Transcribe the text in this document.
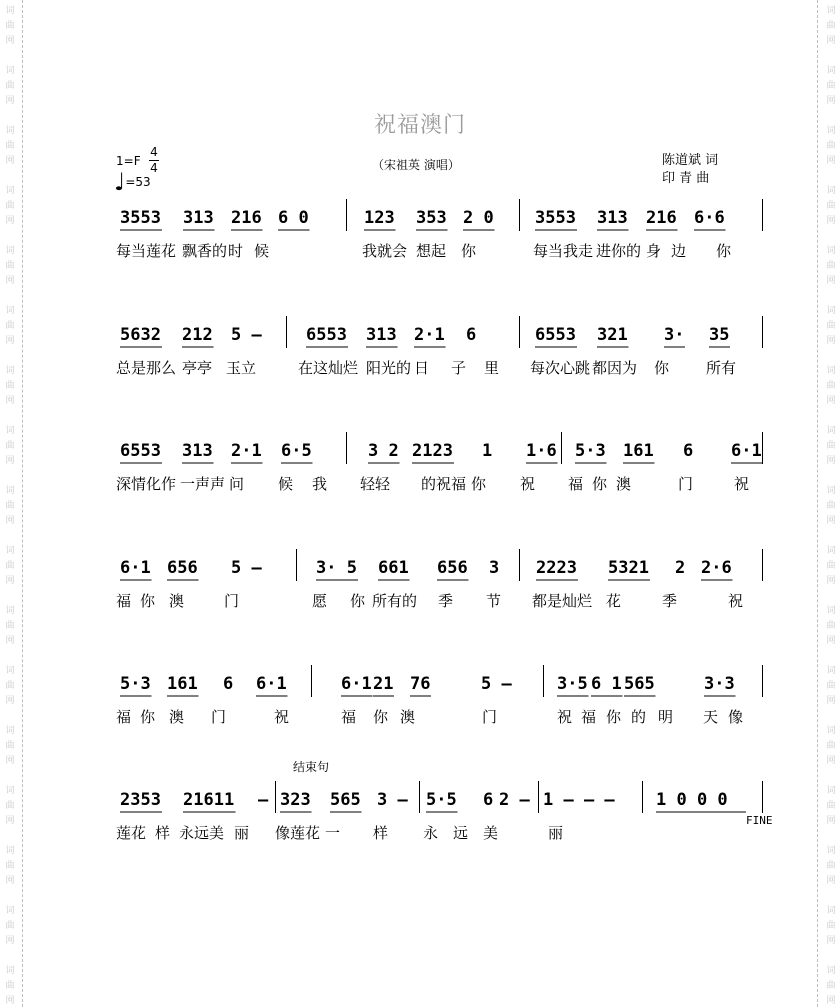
词
曲
网
词
曲
网
词
曲
网
词
曲
网
词
曲
网
词
曲
网
词
曲
网
词
曲
网
词
曲
网
词
曲
网
词
曲
网
词
曲
网
词
曲
网
词
曲
网
词
曲
网
词
曲
网
词
曲
网
词
曲
网
词
曲
网
词
曲
网
词
曲
网
词
曲
网
词
曲
网
词
曲
网
词
曲
网
词
曲
网
词
曲
网
词
曲
网
词
曲
网
词
曲
网
词
曲
网
词
曲
网
词
曲
网
词
曲
网
祝福澳门
1=F
4
4
♩=53
（宋祖英 演唱）	陈道斌 词
印 青 曲
结束句
FINE
3553 313 216 6 0	123 353 2 0 3553 313 216 6·6
每当莲花 飘香的 时 候	我就会 想起 你	每当我走 进你的 身 边 你
5632 212 5 –	6553 313 2·1 6	6553 321 3· 35
总是那么 亭亭 玉立	在这灿烂 阳光的 日 子 里 每次心跳 都因为 你 所有
6553 313 2·1 6·5	3 2 2123 1 1·6 5·3 161 6 6·1
深情化作 一声声 问 候 我 轻轻 的祝福 你 祝 福 你 澳	门	祝
6·1 656 5 –	3· 5 661 656 3 2223 5321 2 2·6
福 你 澳	门	愿 你 所有的 季 节 都是灿烂 花	季	祝
5·3 161 6 6·1	6·1 21 76	5 –	3·5 6 1 565	3·3
福 你 澳 门	祝	福 你 澳	门	祝 福 你 的 明 天 像
2353 21611 – 323 565 3 – 5·5 6 2 – 1 – – – 1 0 0 0
莲花 样 永远 美 丽 像莲花 一 样 永 远 美	丽
